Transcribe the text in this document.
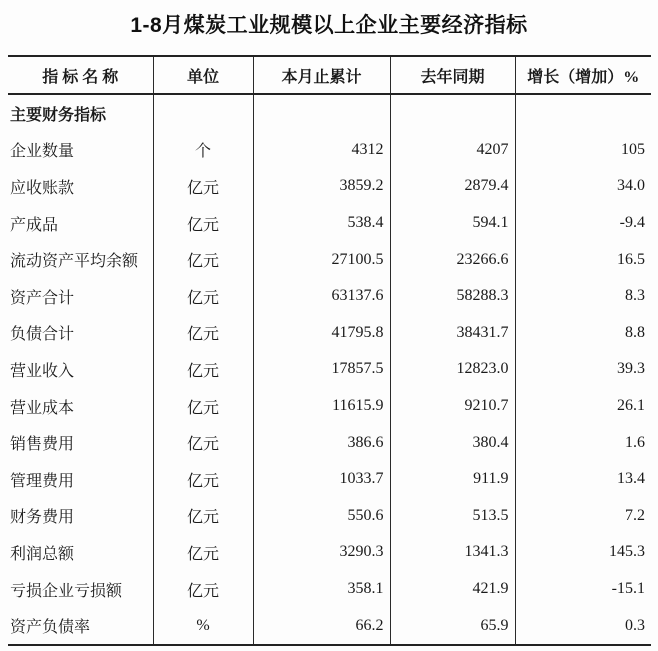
1-8月煤炭工业规模以上企业主要经济指标
指 标 名 称	单位	本月止累计	去年同期	增长（增加）%
主要财务指标				
企业数量	个	4312	4207	105
应收账款	亿元	3859.2	2879.4	34.0
产成品	亿元	538.4	594.1	-9.4
流动资产平均余额	亿元	27100.5	23266.6	16.5
资产合计	亿元	63137.6	58288.3	8.3
负债合计	亿元	41795.8	38431.7	8.8
营业收入	亿元	17857.5	12823.0	39.3
营业成本	亿元	11615.9	9210.7	26.1
销售费用	亿元	386.6	380.4	1.6
管理费用	亿元	1033.7	911.9	13.4
财务费用	亿元	550.6	513.5	7.2
利润总额	亿元	3290.3	1341.3	145.3
亏损企业亏损额	亿元	358.1	421.9	-15.1
资产负债率	%	66.2	65.9	0.3
